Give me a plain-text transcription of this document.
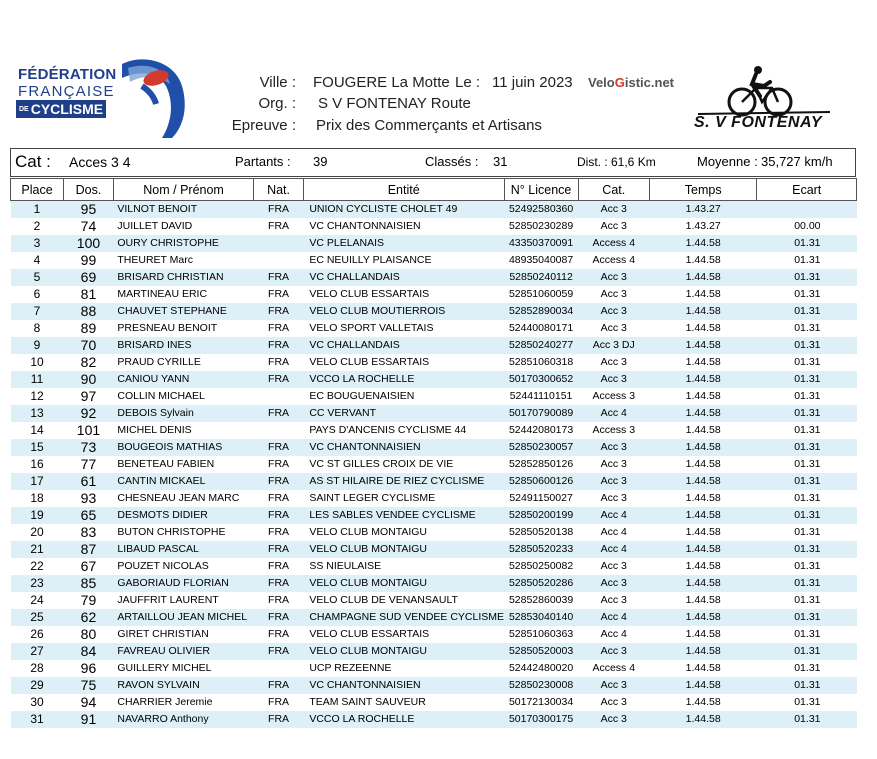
FÉDÉRATION
FRANÇAISE
DE CYCLISME
Ville : FOUGERE La Motte Le : 11 juin 2023 VeloGistic.net
Org. : S V FONTENAY Route
Epreuve : Prix des Commerçants et Artisans	S. V FONTENAY
Cat : Acces 3 4	Partants : 39	Classés : 31	Dist. : 61,6 Km	Moyenne : 35,727 km/h
Place	Dos.	Nom / Prénom	Nat.	Entité	N° Licence	Cat.	Temps	Ecart
1	95	VILNOT BENOIT	FRA	UNION CYCLISTE CHOLET 49	52492580360	Acc 3	1.43.27	
2	74	JUILLET DAVID	FRA	VC CHANTONNAISIEN	52850230289	Acc 3	1.43.27	00.00
3	100	OURY CHRISTOPHE		VC PLELANAIS	43350370091	Access 4	1.44.58	01.31
4	99	THEURET Marc		EC NEUILLY PLAISANCE	48935040087	Access 4	1.44.58	01.31
5	69	BRISARD CHRISTIAN	FRA	VC CHALLANDAIS	52850240112	Acc 3	1.44.58	01.31
6	81	MARTINEAU ERIC	FRA	VELO CLUB ESSARTAIS	52851060059	Acc 3	1.44.58	01.31
7	88	CHAUVET STEPHANE	FRA	VELO CLUB MOUTIERROIS	52852890034	Acc 3	1.44.58	01.31
8	89	PRESNEAU BENOIT	FRA	VELO SPORT VALLETAIS	52440080171	Acc 3	1.44.58	01.31
9	70	BRISARD INES	FRA	VC CHALLANDAIS	52850240277	Acc 3 DJ	1.44.58	01.31
10	82	PRAUD CYRILLE	FRA	VELO CLUB ESSARTAIS	52851060318	Acc 3	1.44.58	01.31
11	90	CANIOU YANN	FRA	VCCO LA ROCHELLE	50170300652	Acc 3	1.44.58	01.31
12	97	COLLIN MICHAEL		EC BOUGUENAISIEN	52441110151	Access 3	1.44.58	01.31
13	92	DEBOIS Sylvain	FRA	CC VERVANT	50170790089	Acc 4	1.44.58	01.31
14	101	MICHEL DENIS		PAYS D'ANCENIS CYCLISME 44	52442080173	Access 3	1.44.58	01.31
15	73	BOUGEOIS MATHIAS	FRA	VC CHANTONNAISIEN	52850230057	Acc 3	1.44.58	01.31
16	77	BENETEAU FABIEN	FRA	VC ST GILLES CROIX DE VIE	52852850126	Acc 3	1.44.58	01.31
17	61	CANTIN MICKAEL	FRA	AS ST HILAIRE DE RIEZ CYCLISME	52850600126	Acc 3	1.44.58	01.31
18	93	CHESNEAU JEAN MARC	FRA	SAINT LEGER CYCLISME	52491150027	Acc 3	1.44.58	01.31
19	65	DESMOTS DIDIER	FRA	LES SABLES VENDEE CYCLISME	52850200199	Acc 4	1.44.58	01.31
20	83	BUTON CHRISTOPHE	FRA	VELO CLUB MONTAIGU	52850520138	Acc 4	1.44.58	01.31
21	87	LIBAUD PASCAL	FRA	VELO CLUB MONTAIGU	52850520233	Acc 4	1.44.58	01.31
22	67	POUZET NICOLAS	FRA	SS NIEULAISE	52850250082	Acc 3	1.44.58	01.31
23	85	GABORIAUD FLORIAN	FRA	VELO CLUB MONTAIGU	52850520286	Acc 3	1.44.58	01.31
24	79	JAUFFRIT LAURENT	FRA	VELO CLUB DE VENANSAULT	52852860039	Acc 3	1.44.58	01.31
25	62	ARTAILLOU JEAN MICHEL	FRA	CHAMPAGNE SUD VENDEE CYCLISME	52853040140	Acc 4	1.44.58	01.31
26	80	GIRET CHRISTIAN	FRA	VELO CLUB ESSARTAIS	52851060363	Acc 4	1.44.58	01.31
27	84	FAVREAU OLIVIER	FRA	VELO CLUB MONTAIGU	52850520003	Acc 3	1.44.58	01.31
28	96	GUILLERY MICHEL		UCP REZEENNE	52442480020	Access 4	1.44.58	01.31
29	75	RAVON SYLVAIN	FRA	VC CHANTONNAISIEN	52850230008	Acc 3	1.44.58	01.31
30	94	CHARRIER Jeremie	FRA	TEAM SAINT SAUVEUR	50172130034	Acc 3	1.44.58	01.31
31	91	NAVARRO Anthony	FRA	VCCO LA ROCHELLE	50170300175	Acc 3	1.44.58	01.31
